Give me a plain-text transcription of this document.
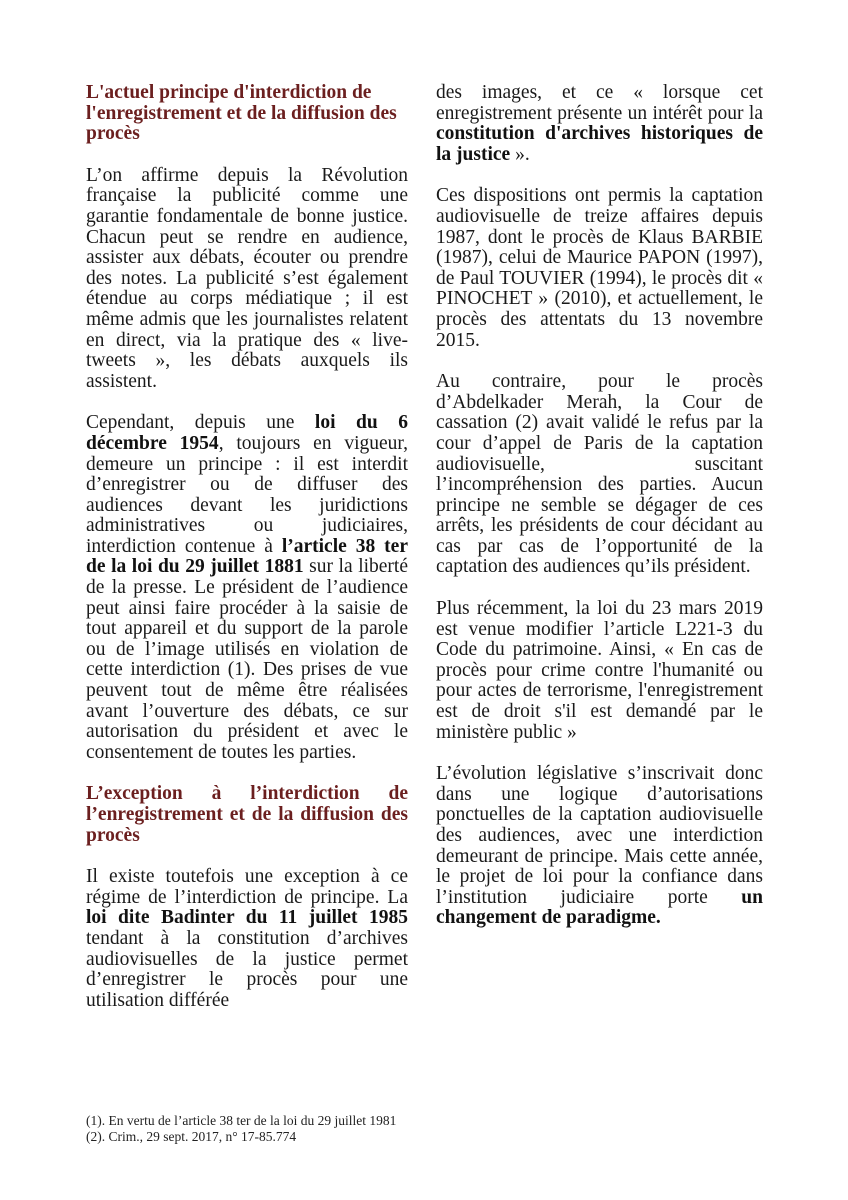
L'actuel principe d'interdiction de l'enregistrement et de la diffusion des procès

L’on affirme depuis la Révolution française la publicité comme une garantie fondamentale de bonne justice. Chacun peut se rendre en audience, assister aux débats, écouter ou prendre des notes. La publicité s’est également étendue au corps médiatique ; il est même admis que les journalistes relatent en direct, via la pratique des « live-tweets », les débats auxquels ils assistent.

Cependant, depuis une loi du 6 décembre 1954, toujours en vigueur, demeure un principe : il est interdit d’enregistrer ou de diffuser des audiences devant les juridictions administratives ou judiciaires, interdiction contenue à l’article 38 ter de la loi du 29 juillet 1881 sur la liberté de la presse. Le président de l’audience peut ainsi faire procéder à la saisie de tout appareil et du support de la parole ou de l’image utilisés en violation de cette interdiction (1). Des prises de vue peuvent tout de même être réalisées avant l’ouverture des débats, ce sur autorisation du président et avec le consentement de toutes les parties.

L’exception à l’interdiction de l’enregistrement et de la diffusion des procès

Il existe toutefois une exception à ce régime de l’interdiction de principe. La loi dite Badinter du 11 juillet 1985 tendant à la constitution d’archives audiovisuelles de la justice permet d’enregistrer le procès pour une utilisation différée

des images, et ce « lorsque cet enregistrement présente un intérêt pour la constitution d'archives historiques de la justice ».

Ces dispositions ont permis la captation audiovisuelle de treize affaires depuis 1987, dont le procès de Klaus BARBIE (1987), celui de Maurice PAPON (1997), de Paul TOUVIER (1994), le procès dit « PINOCHET » (2010), et actuellement, le procès des attentats du 13 novembre 2015.

Au contraire, pour le procès d’Abdelkader Merah, la Cour de cassation (2) avait validé le refus par la cour d’appel de Paris de la captation audiovisuelle, suscitant l’incompréhension des parties. Aucun principe ne semble se dégager de ces arrêts, les présidents de cour décidant au cas par cas de l’opportunité de la captation des audiences qu’ils président.

Plus récemment, la loi du 23 mars 2019 est venue modifier l’article L221-3 du Code du patrimoine. Ainsi, « En cas de procès pour crime contre l'humanité ou pour actes de terrorisme, l'enregistrement est de droit s'il est demandé par le ministère public »

L’évolution législative s’inscrivait donc dans une logique d’autorisations ponctuelles de la captation audiovisuelle des audiences, avec une interdiction demeurant de principe. Mais cette année, le projet de loi pour la confiance dans l’institution judiciaire porte un changement de paradigme.

(1). En vertu de l’article 38 ter de la loi du 29 juillet 1981
(2). Crim., 29 sept. 2017, n° 17-85.774
